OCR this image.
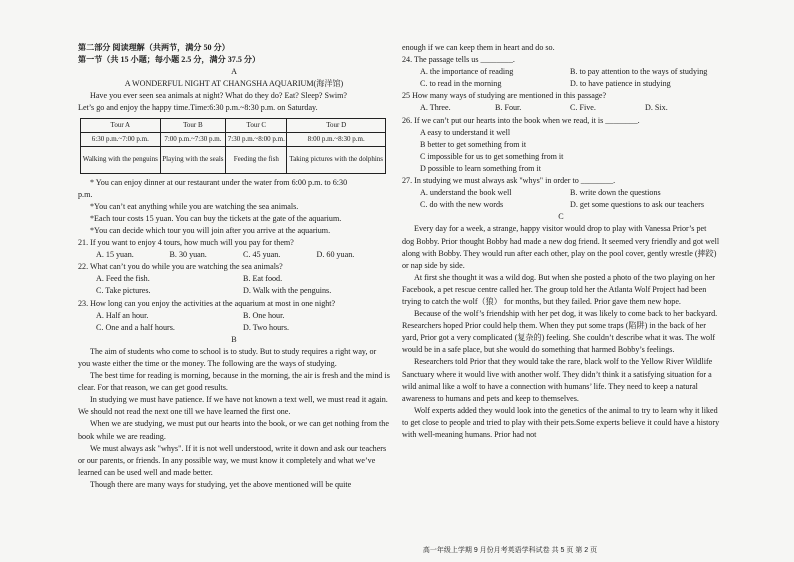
第二部分 阅读理解（共两节，满分 50 分）
第一节（共 15 小题；每小题 2.5 分，满分 37.5 分）
A
A WONDERFUL NIGHT AT CHANGSHA AQUARIUM(海洋馆)
Have you ever seen sea animals at night? What do they do? Eat? Sleep? Swim?
Let’s go and enjoy the happy time.Time:6:30 p.m.~8:30 p.m. on Saturday.
Tour A	Tour B	Tour C	Tour D
6:30 p.m.~7:00 p.m.	7:00 p.m.~7:30 p.m.	7:30 p.m.~8:00 p.m.	8:00 p.m.~8:30 p.m.
Walking with the penguins	Playing with the seals	Feeding the fish	Taking pictures with the dolphins
* You can enjoy dinner at our restaurant under the water from 6:00 p.m. to 6:30
p.m.
*You can’t eat anything while you are watching the sea animals.
*Each tour costs 15 yuan. You can buy the tickets at the gate of the aquarium.
*You can decide which tour you will join after you arrive at the aquarium.
21. If you want to enjoy 4 tours, how much will you pay for them?
A. 15 yuan.	B. 30 yuan.	C. 45 yuan.	D. 60 yuan.
22. What can’t you do while you are watching the sea animals?
A. Feed the fish.	B. Eat food.
C. Take pictures.	D. Walk with the penguins.
23. How long can you enjoy the activities at the aquarium at most in one night?
A. Half an hour.	B. One hour.
C. One and a half hours.	D. Two hours.
B
The aim of students who come to school is to study. But to study requires a right way, or you waste either the time or the money. The following are the ways of studying.
The best time for reading is morning, because in the morning, the air is fresh and the mind is clear. For that reason, we can get good results.
In studying we must have patience. If we have not known a text well, we must read it again. We should not read the next one till we have learned the first one.
When we are studying, we must put our hearts into the book, or we can get nothing from the book while we are reading.
We must always ask "whys". If it is not well understood, write it down and ask our teachers or our parents, or friends. In any possible way, we must know it completely and what we’ve learned can be used well and made better.
Though there are many ways for studying, yet the above mentioned will be quite
enough if we can keep them in heart and do so.
24. The passage tells us ________.
A. the importance of reading	B. to pay attention to the ways of studying
C. to read in the morning	D. to have patience in studying
25 How many ways of studying are mentioned in this passage?
A. Three.	B. Four.	C. Five.	D. Six.
26. If we can’t put our hearts into the book when we read, it is ________.
A easy to understand it well
B better to get something from it
C impossible for us to get something from it
D possible to learn something from it
27. In studying we must always ask "whys" in order to ________.
A. understand the book well	B. write down the questions
C. do with the new words	D. get some questions to ask our teachers
C
Every day for a week, a strange, happy visitor would drop to play with Vanessa Prior’s pet dog Bobby. Prior thought Bobby had made a new dog friend. It seemed very friendly and got well along with Bobby. They would run after each other, play on the pool cover, gently wrestle (摔跤) or nap side by side.
At first she thought it was a wild dog. But when she posted a photo of the two playing on her Facebook, a pet rescue centre called her. The group told her the Atlanta Wolf Project had been trying to catch the wolf（狼） for months, but they failed. Prior gave them new hope.
Because of the wolf’s friendship with her pet dog, it was likely to come back to her backyard. Researchers hoped Prior could help them. When they put some traps (陷阱) in the back of her yard, Prior got a very complicated (复杂的) feeling. She couldn’t describe what it was. The wolf would be in a safe place, but she would do something that harmed Bobby’s feelings.
Researchers told Prior that they would take the rare, black wolf to the Yellow River Wildlife Sanctuary where it would live with another wolf. They didn’t think it a satisfying situation for a wild animal like a wolf to have a connection with humans’ life. They need to keep a natural awareness to humans and pets and keep to themselves.
Wolf experts added they would look into the genetics of the animal to try to learn why it liked to get close to people and tried to play with their pets.Some experts believe it could have a history with well-meaning humans. Prior had not
高一年级上学期 9 月份月考英语学科试卷 共 5 页 第 2 页
